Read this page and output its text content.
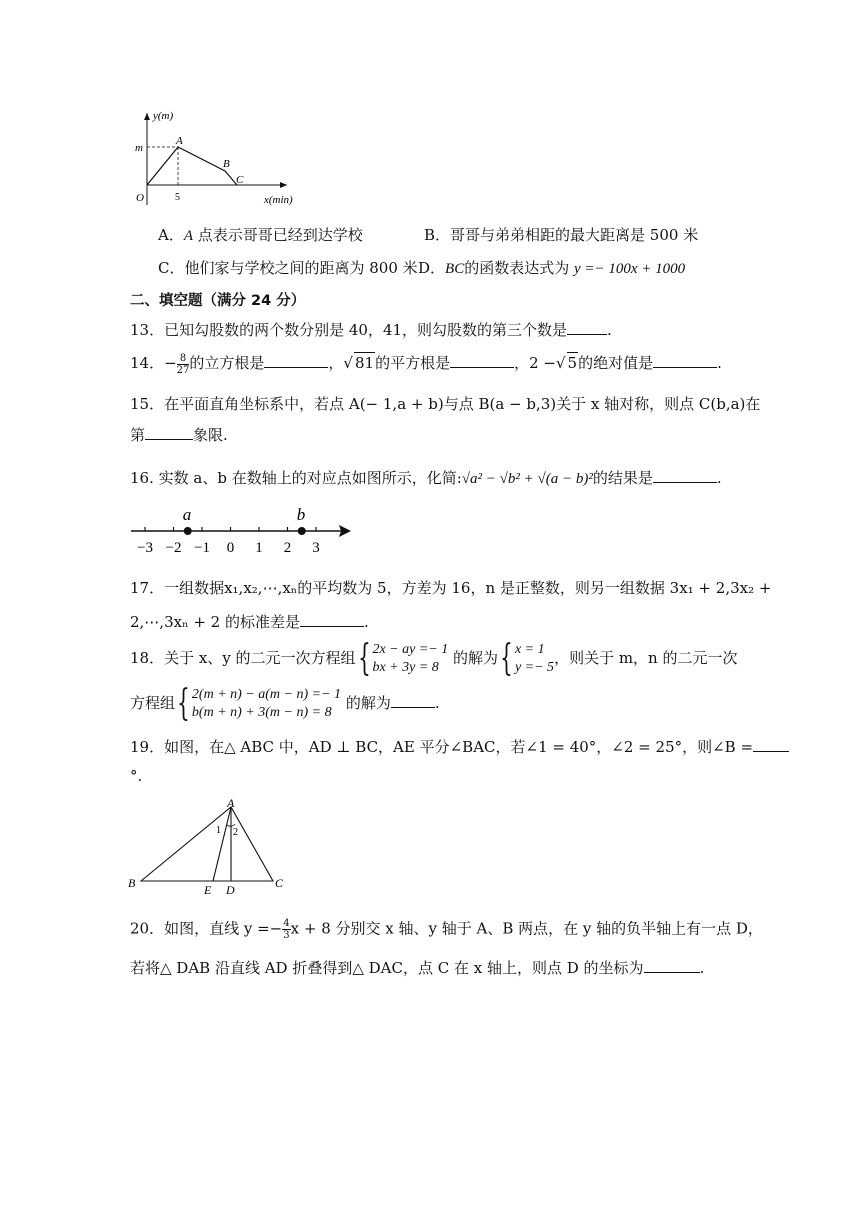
y(m)
x(min)
m
5
O
A
B
C
A．A 点表示哥哥已经到达学校	B．哥哥与弟弟相距的最大距离是 500 米
C．他们家与学校之间的距离为 800 米 D．BC的函数表达式为 y =− 100x + 1000
二、填空题（满分 24 分）
13．已知勾股数的两个数分别是 40，41，则勾股数的第三个数是	.
14．− $\frac{8}{27}$ 的立方根是	，√ 81的平方根是	，2 −√ 5的绝对值是	.
15．在平面直角坐标系中，若点 A(− 1,a + b)与点 B(a − b,3)关于 x 轴对称，则点 C(b,a)在
第	象限.
16. 实数 a、b 在数轴上的对应点如图所示，化简:√a² − √b² + √(a − b)²的结果是	.
−3 −2 −1 0 1 2 3
a	b
17．一组数据x₁,x₂,⋯,xₙ的平均数为 5，方差为 16，n 是正整数，则另一组数据 3x₁ + 2,3x₂ +
2,⋯,3xₙ + 2 的标准差是	.
18．关于 x、y 的二元一次方程组{ 2x − ay =− 1
bx + 3y = 8 的解为{ x = 1
y =− 5，则关于 m，n 的二元一次
方程组{ 2(m + n) − a(m − n) =− 1
b(m + n) + 3(m − n) = 8 的解为	.
19．如图，在△ ABC 中，AD ⊥ BC，AE 平分∠BAC，若∠1 = 40°，∠2 = 25°，则∠B =
°.
A
B	C
D
E
1 2
20．如图，直线 $y =- \frac{4}{3}$ x + 8 分别交 x 轴、y 轴于 A、B 两点，在 y 轴的负半轴上有一点 D，
若将△ DAB 沿直线 AD 折叠得到△ DAC，点 C 在 x 轴上，则点 D 的坐标为	.
